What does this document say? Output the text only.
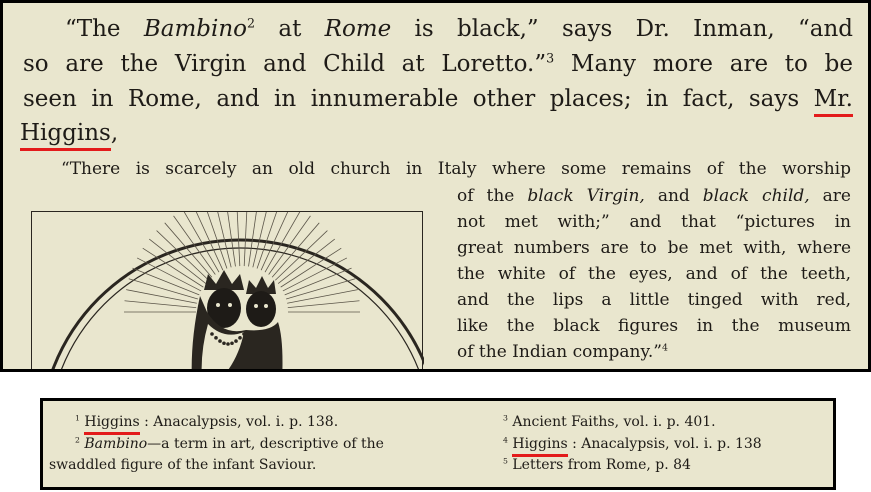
“The Bambino$^2$ at Rome is black,” says Dr. Inman, “and
so are the Virgin and Child at Loretto.”$^3$ Many more are to be
seen in Rome, and in innumerable other places; in fact, says Mr.
Higgins,
“There is scarcely an old church in Italy where some remains of the worship
of the black Virgin, and black child, are
not met with;” and that “pictures in
great numbers are to be met with, where
the white of the eyes, and of the teeth,
and the lips a little tinged with red,
like the black figures in the museum
of the Indian company.”$^4$
$^1$ Higgins : Anacalypsis, vol. i. p. 138.
$^2$ Bambino—a term in art, descriptive of the
swaddled figure of the infant Saviour.
$^3$ Ancient Faiths, vol. i. p. 401.
$^4$ Higgins : Anacalypsis, vol. i. p. 138
$^5$ Letters from Rome, p. 84
